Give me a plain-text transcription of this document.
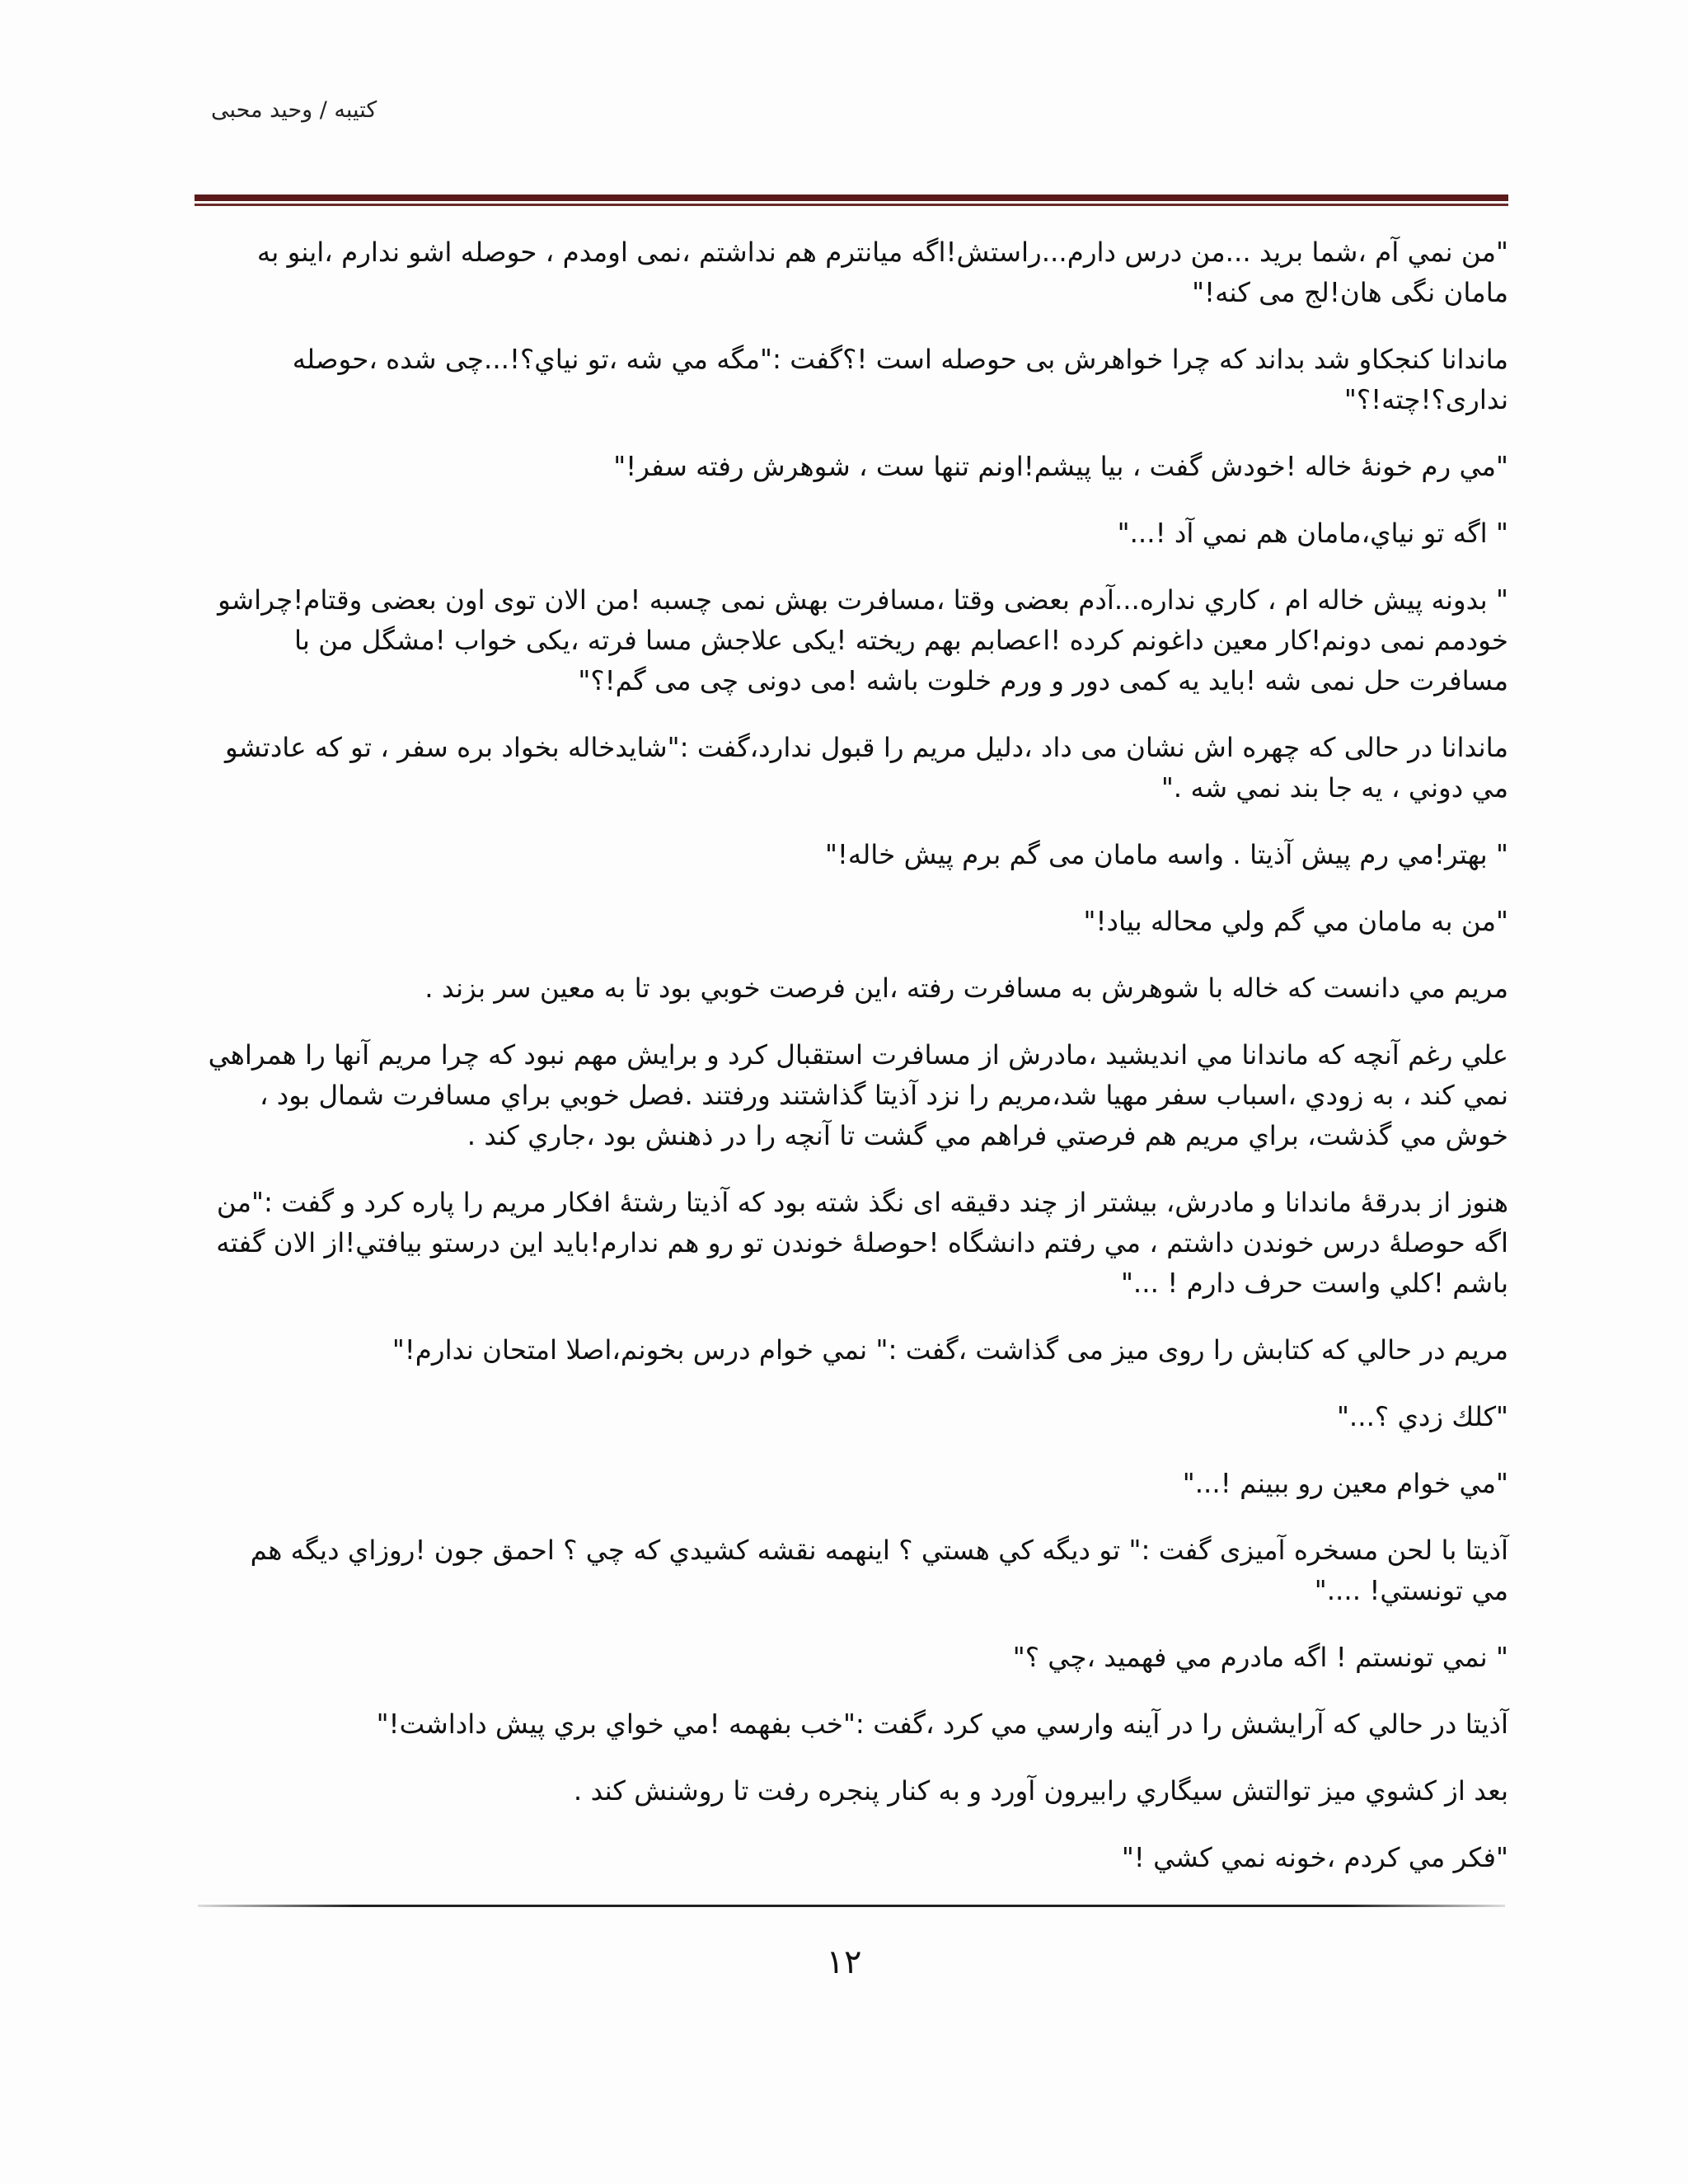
کتیبه / وحید محبی

"من نمي آم ،شما بريد ...من درس دارم...راستش!اگه میانترم هم نداشتم ،نمی اومدم ، حوصله اشو ندارم ،اینو به مامان نگی هان!لج می کنه!"

ماندانا کنجکاو شد بداند که چرا خواهرش بی حوصله است !؟گفت :"مگه مي شه ،تو نیاي؟!...چی شده ،حوصله نداری؟!چته!؟"

"مي رم خونۀ خاله !خودش گفت ، بیا پیشم!اونم تنها ست ، شوهرش رفته سفر!"

" اگه تو نیاي،مامان هم نمي آد !..."

" بدونه پیش خاله ام ، کاري نداره...آدم بعضی وقتا ،مسافرت بهش نمی چسبه !من الان توی اون بعضی وقتام!چراشو خودمم نمی دونم!کار معین داغونم کرده !اعصابم بهم ریخته !یکی علاجش مسا فرته ،یکی خواب !مشگل من با مسافرت حل نمی شه !باید یه کمی دور و ورم خلوت باشه !می دونی چی می گم!؟"

ماندانا در حالی که چهره اش نشان می داد ،دلیل مریم را قبول ندارد،گفت :"شایدخاله بخواد بره سفر ، تو که عادتشو مي دوني ، یه جا بند نمي شه ."

" بهتر!مي رم پیش آذیتا . واسه مامان می گم برم پیش خاله!"

"من به مامان مي گم ولي محاله بیاد!"

مریم مي دانست که خاله با شوهرش به مسافرت رفته ،این فرصت خوبي بود تا به معین سر بزند .

علي رغم آنچه که ماندانا مي اندیشید ،مادرش از مسافرت استقبال کرد و برایش مهم نبود که چرا مریم آنها را همراهي نمي کند ، به زودي ،اسباب سفر مهیا شد،مریم را نزد آذیتا گذاشتند ورفتند .فصل خوبي براي مسافرت شمال بود ، خوش مي گذشت، براي مریم هم فرصتي فراهم مي گشت تا آنچه را در ذهنش بود ،جاري کند .

هنوز از بدرقۀ ماندانا و مادرش، بیشتر از چند دقیقه ای نگذ شته بود که آذیتا رشتۀ افکار مریم را پاره کرد و گفت :"من اگه حوصلۀ درس خوندن داشتم ، مي رفتم دانشگاه !حوصلۀ خوندن تو رو هم ندارم!باید این درستو بیافتي!از الان گفته باشم !کلي واست حرف دارم ! ..."

مریم در حالي که کتابش را روی میز می گذاشت ،گفت :" نمي خوام درس بخونم،اصلا امتحان ندارم!"

"کلك زدي ؟..."

"مي خوام معین رو ببینم !..."

آذیتا با لحن مسخره آمیزی گفت :" تو دیگه کي هستي ؟ اینهمه نقشه کشیدي که چي ؟ احمق جون !روزاي دیگه هم مي تونستي! ...."

" نمي تونستم ! اگه مادرم مي فهمید ،چي ؟"

آذیتا در حالي که آرایشش را در آینه وارسي مي کرد ،گفت :"خب بفهمه !مي خواي بري پیش داداشت!"

بعد از کشوي میز توالتش سیگاري رابیرون آورد و به کنار پنجره رفت تا روشنش کند .

"فکر مي کردم ،خونه نمي کشي !"

۱۲
